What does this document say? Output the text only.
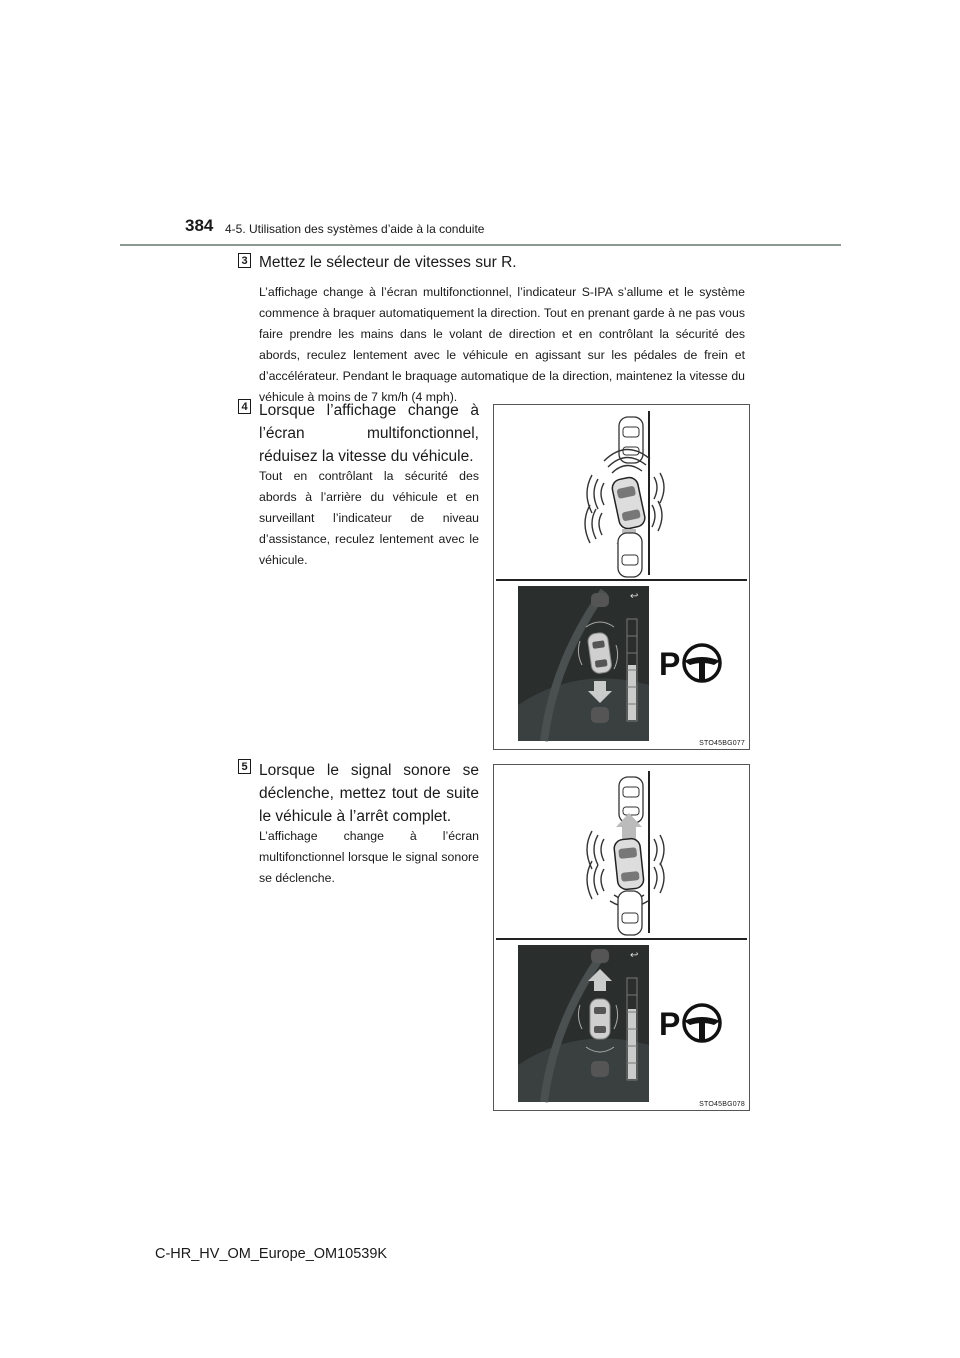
384 4-5. Utilisation des systèmes d’aide à la conduite
3 Mettez le sélecteur de vitesses sur R.
L’affichage change à l’écran multifonctionnel, l’indicateur S-IPA s’allume et le système commence à braquer automatiquement la direction. Tout en prenant garde à ne pas vous faire prendre les mains dans le volant de direction et en contrôlant la sécurité des abords, reculez lentement avec le véhicule en agissant sur les pédales de frein et d’accélérateur. Pendant le braquage automatique de la direction, maintenez la vitesse du véhicule à moins de 7 km/h (4 mph).
4 Lorsque l’affichage change à l’écran multifonctionnel, réduisez la vitesse du véhicule.
Tout en contrôlant la sécurité des abords à l’arrière du véhicule et en surveillant l’indicateur de niveau d’assistance, reculez lentement avec le véhicule.
↩
P
STO45BG077
5 Lorsque le signal sonore se déclenche, mettez tout de suite le véhicule à l’arrêt complet.
L’affichage change à l’écran multifonctionnel lorsque le signal sonore se déclenche.
↩
P
STO45BG078
C-HR_HV_OM_Europe_OM10539K
